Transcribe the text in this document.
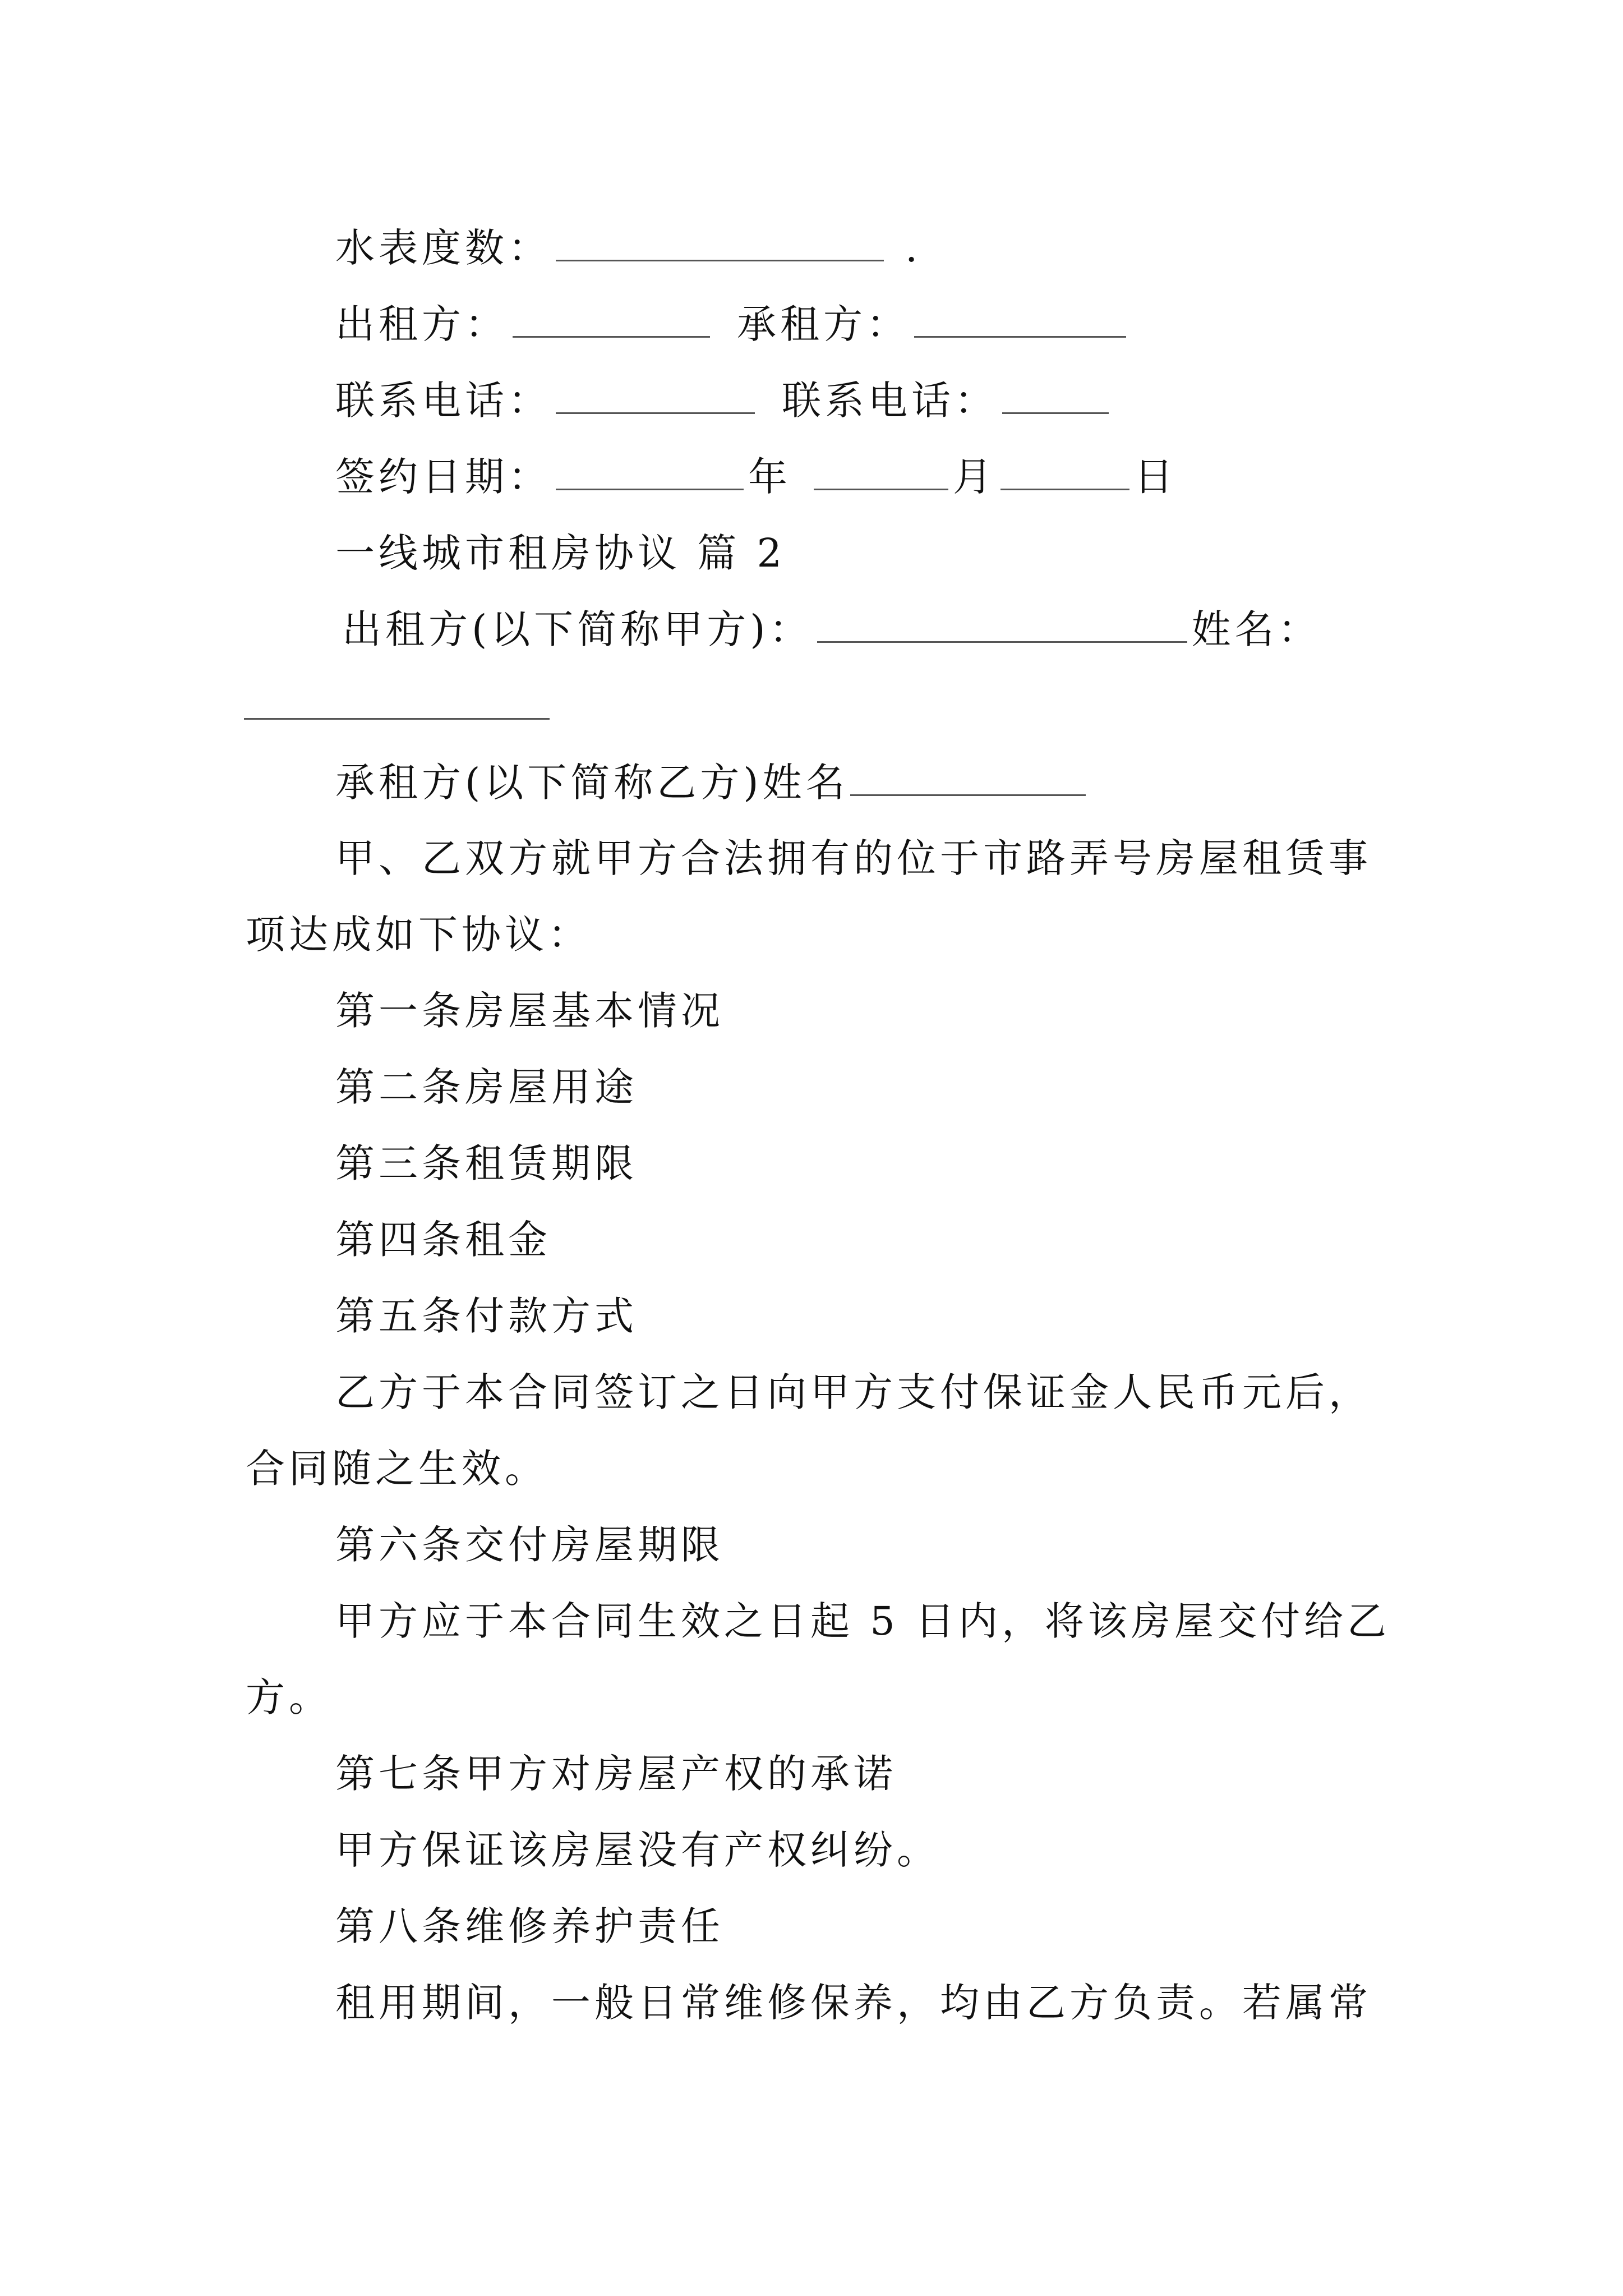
水表度数：	.
出租方：	承租方：
联系电话：	联系电话：
签约日期：	年	月	日
一线城市租房协议 篇 2
出租方(以下简称甲方)：	姓名：
承租方(以下简称乙方)姓名
甲、乙双方就甲方合法拥有的位于市路弄号房屋租赁事
项达成如下协议：
第一条房屋基本情况
第二条房屋用途
第三条租赁期限
第四条租金
第五条付款方式
乙方于本合同签订之日向甲方支付保证金人民币元后，
合同随之生效。
第六条交付房屋期限
甲方应于本合同生效之日起 5 日内，将该房屋交付给乙
方。
第七条甲方对房屋产权的承诺
甲方保证该房屋没有产权纠纷。
第八条维修养护责任
租用期间，一般日常维修保养，均由乙方负责。若属常
